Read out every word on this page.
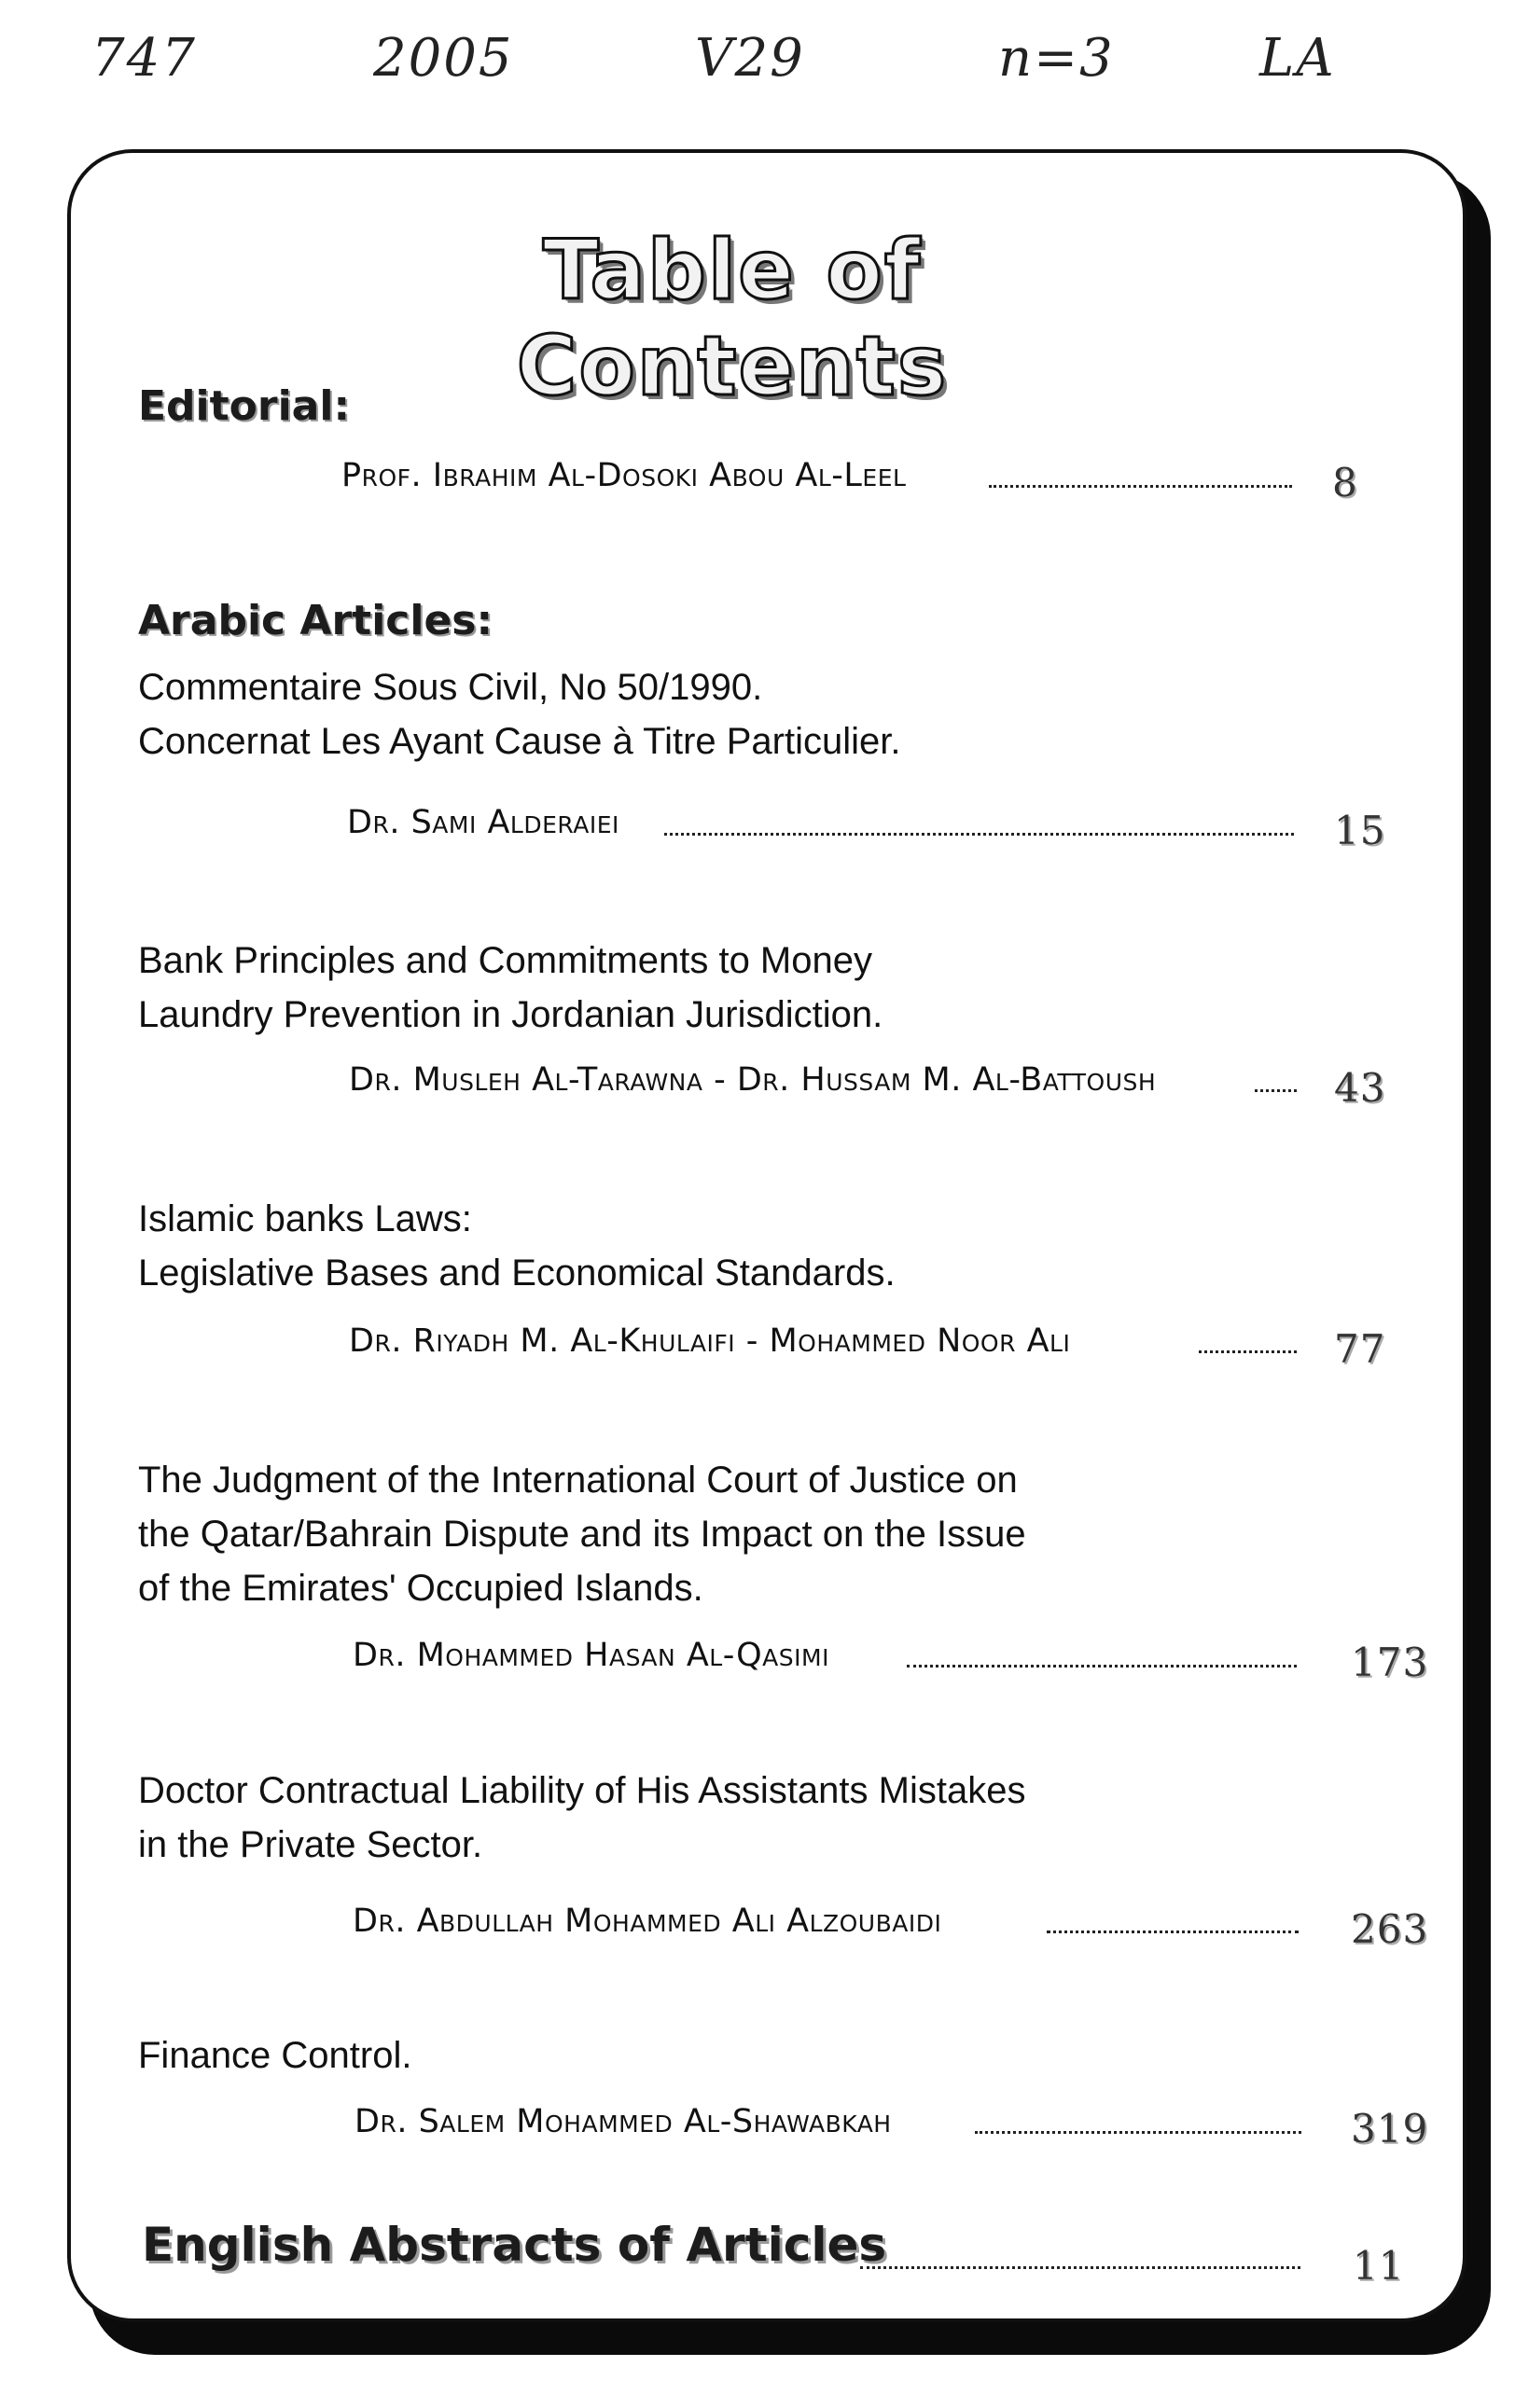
747	2005	V29	n=3	LA
Table of Contents
Editorial:
Prof. Ibrahim Al-Dosoki Abou Al-Leel	8
Arabic Articles:
Commentaire Sous Civil, No 50/1990.
Concernat Les Ayant Cause à Titre Particulier.
Dr. Sami Alderaiei	15
Bank Principles and Commitments to Money
Laundry Prevention in Jordanian Jurisdiction.
Dr. Musleh Al-Tarawna - Dr. Hussam M. Al-Battoush	43
Islamic banks Laws:
Legislative Bases and Economical Standards.
Dr. Riyadh M. Al-Khulaifi - Mohammed Noor Ali	77
The Judgment of the International Court of Justice on
the Qatar/Bahrain Dispute and its Impact on the Issue
of the Emirates' Occupied Islands.
Dr. Mohammed Hasan Al-Qasimi	173
Doctor Contractual Liability of His Assistants Mistakes
in the Private Sector.
Dr. Abdullah Mohammed Ali Alzoubaidi	263
Finance Control.
Dr. Salem Mohammed Al-Shawabkah	319
English Abstracts of Articles	11
